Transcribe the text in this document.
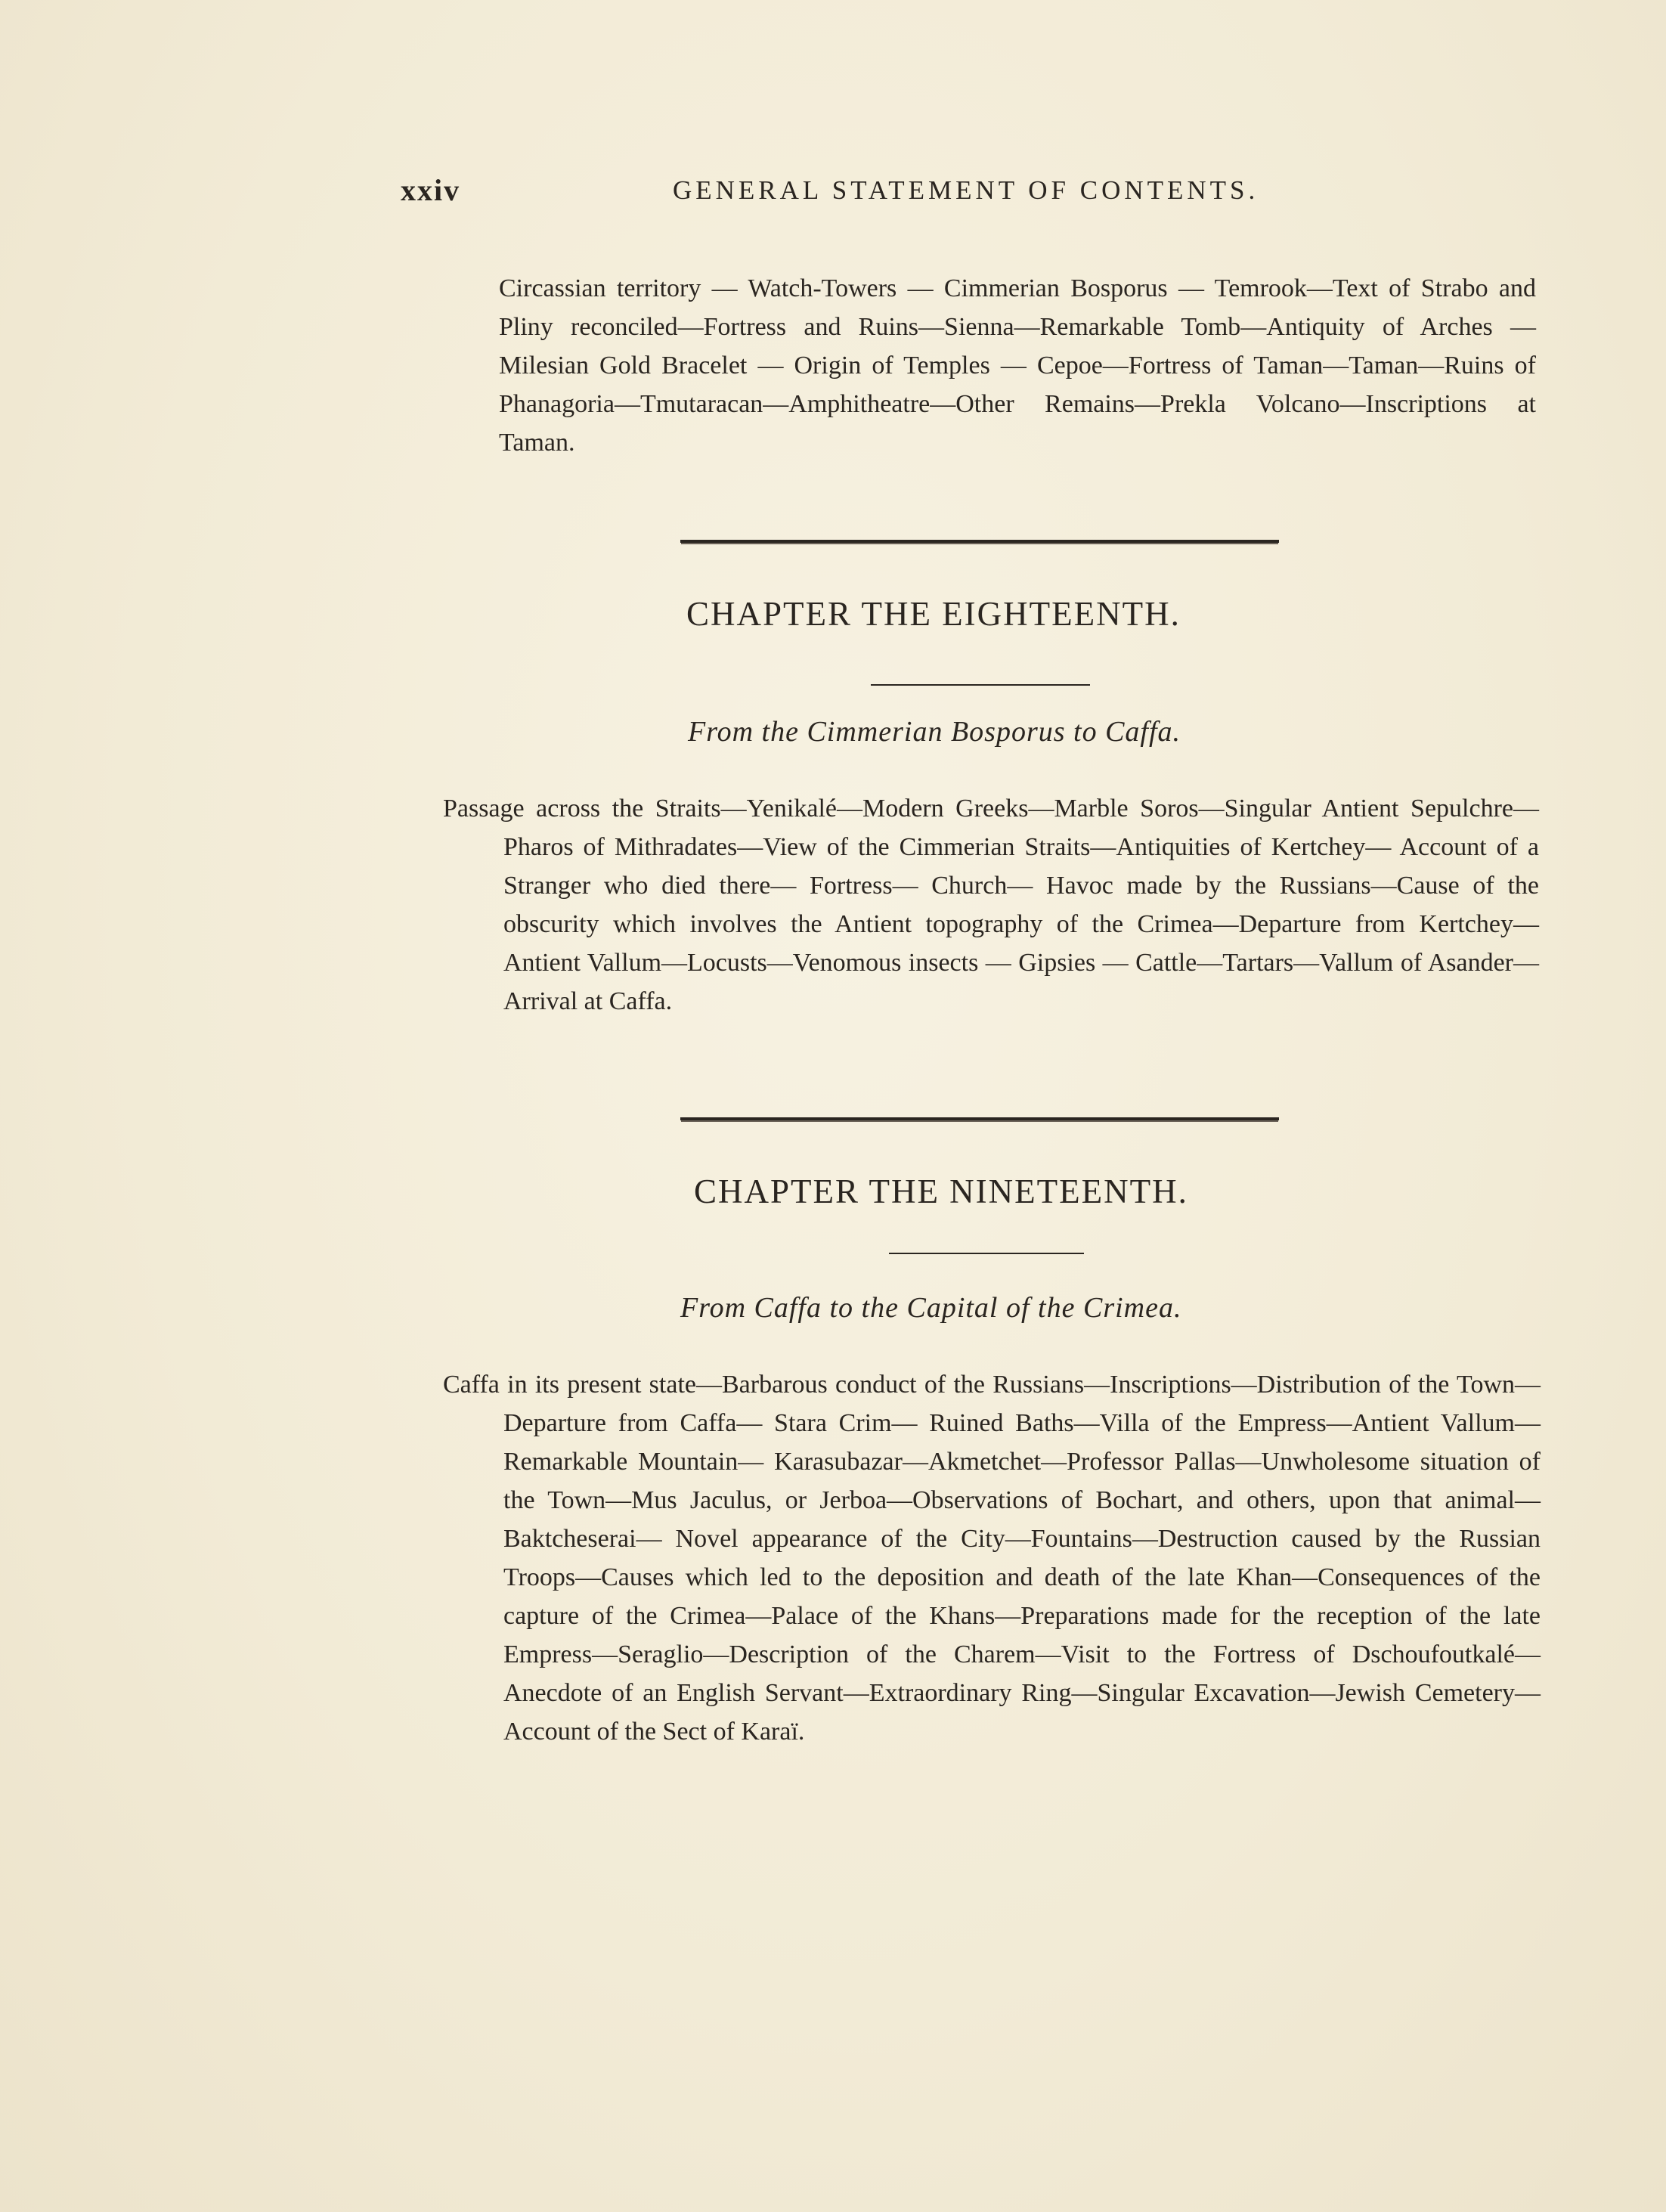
xxiv	GENERAL STATEMENT OF CONTENTS.
Circassian territory — Watch-Towers — Cimmerian Bosporus — Temrook—Text of Strabo and Pliny reconciled—Fortress and Ruins—Sienna—Remarkable Tomb—Antiquity of Arches — Milesian Gold Bracelet — Origin of Temples — Cepoe—Fortress of Taman—Taman—Ruins of Phanagoria—Tmutaracan—Amphitheatre—Other Remains—Prekla Volcano—Inscriptions at Taman.
CHAPTER THE EIGHTEENTH.
From the Cimmerian Bosporus to Caffa.
Passage across the Straits—Yenikalé—Modern Greeks—Marble Soros—Singular Antient Sepulchre—Pharos of Mithradates—View of the Cimmerian Straits—Antiquities of Kertchey— Account of a Stranger who died there— Fortress— Church— Havoc made by the Russians—Cause of the obscurity which involves the Antient topography of the Crimea—Departure from Kertchey—Antient Vallum—Locusts—Venomous insects — Gipsies — Cattle—Tartars—Vallum of Asander—Arrival at Caffa.
CHAPTER THE NINETEENTH.
From Caffa to the Capital of the Crimea.
Caffa in its present state—Barbarous conduct of the Russians—Inscriptions—Distribution of the Town— Departure from Caffa— Stara Crim— Ruined Baths—Villa of the Empress—Antient Vallum—Remarkable Mountain— Karasubazar—Akmetchet—Professor Pallas—Unwholesome situation of the Town—Mus Jaculus, or Jerboa—Observations of Bochart, and others, upon that animal— Baktcheserai— Novel appearance of the City—Fountains—Destruction caused by the Russian Troops—Causes which led to the deposition and death of the late Khan—Consequences of the capture of the Crimea—Palace of the Khans—Preparations made for the reception of the late Empress—Seraglio—Description of the Charem—Visit to the Fortress of Dschoufoutkalé—Anecdote of an English Servant—Extraordinary Ring—Singular Excavation—Jewish Cemetery—Account of the Sect of Karaï.
